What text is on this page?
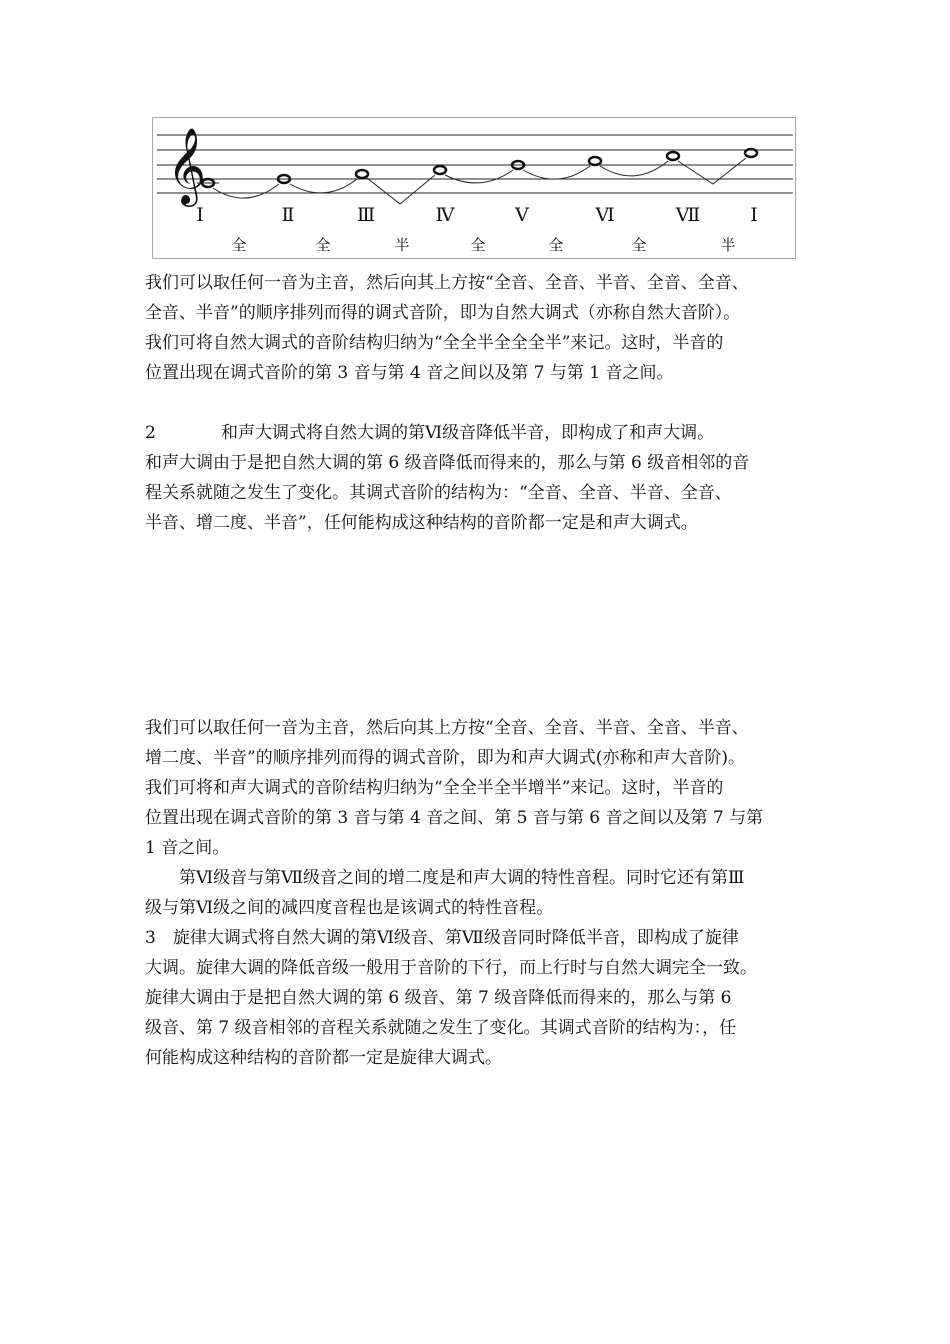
𝄞
Ⅰ	Ⅱ	Ⅲ	Ⅳ	Ⅴ	Ⅵ	Ⅶ	Ⅰ
全	全	半	全	全	全	半
我们可以取任何一音为主音，然后向其上方按“全音、全音、半音、全音、全音、
全音、半音”的顺序排列而得的调式音阶，即为自然大调式（亦称自然大音阶）。
我们可将自然大调式的音阶结构归纳为“全全半全全全半”来记。这时，半音的
位置出现在调式音阶的第 3 音与第 4 音之间以及第 7 与第 1 音之间。
2	和声大调式将自然大调的第Ⅵ级音降低半音，即构成了和声大调。
和声大调由于是把自然大调的第 6 级音降低而得来的，那么与第 6 级音相邻的音
程关系就随之发生了变化。其调式音阶的结构为：“全音、全音、半音、全音、
半音、增二度、半音”，任何能构成这种结构的音阶都一定是和声大调式。
我们可以取任何一音为主音，然后向其上方按“全音、全音、半音、全音、半音、
增二度、半音”的顺序排列而得的调式音阶，即为和声大调式(亦称和声大音阶)。
我们可将和声大调式的音阶结构归纳为“全全半全半增半”来记。这时，半音的
位置出现在调式音阶的第 3 音与第 4 音之间、第 5 音与第 6 音之间以及第 7 与第
1 音之间。
　　第Ⅵ级音与第Ⅶ级音之间的增二度是和声大调的特性音程。同时它还有第Ⅲ
级与第Ⅵ级之间的减四度音程也是该调式的特性音程。
3　旋律大调式将自然大调的第Ⅵ级音、第Ⅶ级音同时降低半音，即构成了旋律
大调。旋律大调的降低音级一般用于音阶的下行，而上行时与自然大调完全一致。
旋律大调由于是把自然大调的第 6 级音、第 7 级音降低而得来的，那么与第 6
级音、第 7 级音相邻的音程关系就随之发生了变化。其调式音阶的结构为：，任
何能构成这种结构的音阶都一定是旋律大调式。
